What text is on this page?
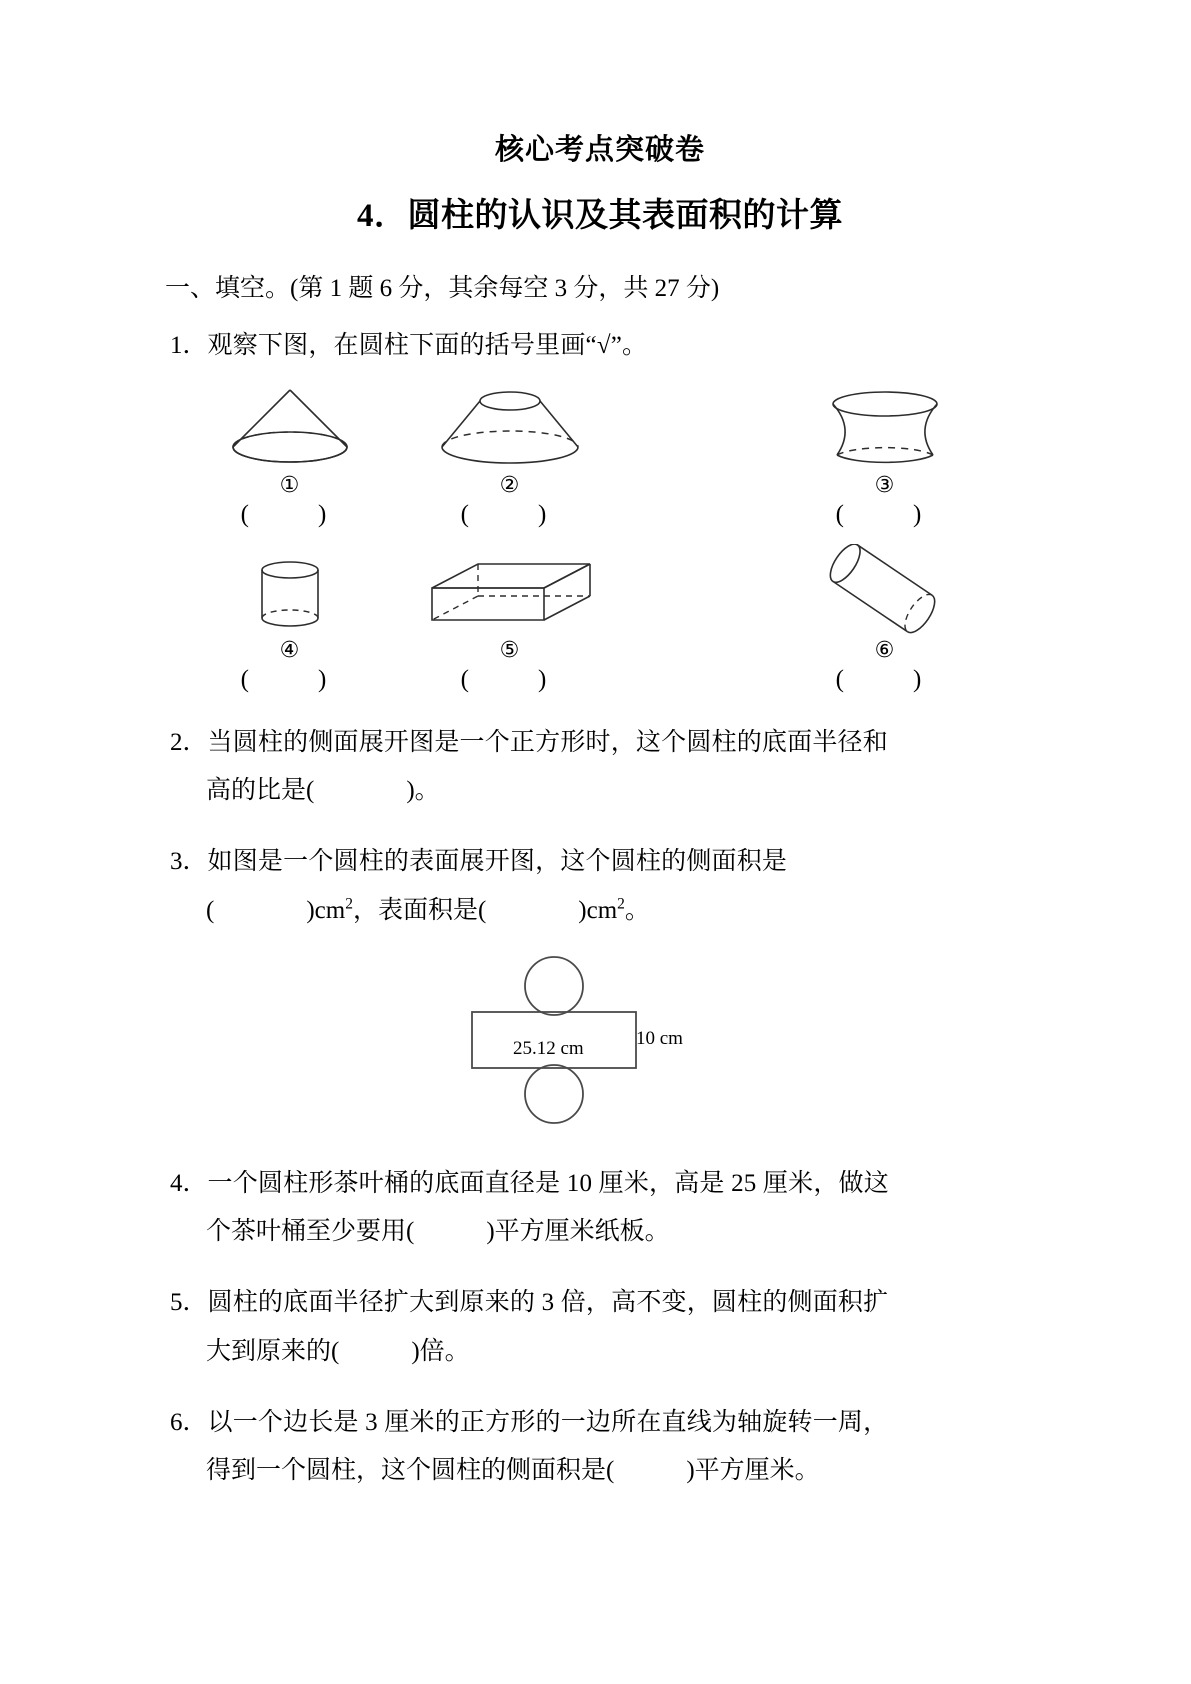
核心考点突破卷
4．圆柱的认识及其表面积的计算
一、填空。(第 1 题 6 分，其余每空 3 分，共 27 分)
1．观察下图，在圆柱下面的括号里画“√”。
①
(　)
②
(　)
③
(　)
④
(　)
⑤
(　)
⑥
(　)
2．当圆柱的侧面展开图是一个正方形时，这个圆柱的底面半径和
高的比是(	)。
3．如图是一个圆柱的表面展开图，这个圆柱的侧面积是
(	)$cm^2$，表面积是(	)$cm^2$。
10 cm
25.12 cm
4．一个圆柱形茶叶桶的底面直径是 10 厘米，高是 25 厘米，做这
个茶叶桶至少要用(	)平方厘米纸板。
5．圆柱的底面半径扩大到原来的 3 倍，高不变，圆柱的侧面积扩
大到原来的(	)倍。
6．以一个边长是 3 厘米的正方形的一边所在直线为轴旋转一周，
得到一个圆柱，这个圆柱的侧面积是(	)平方厘米。
